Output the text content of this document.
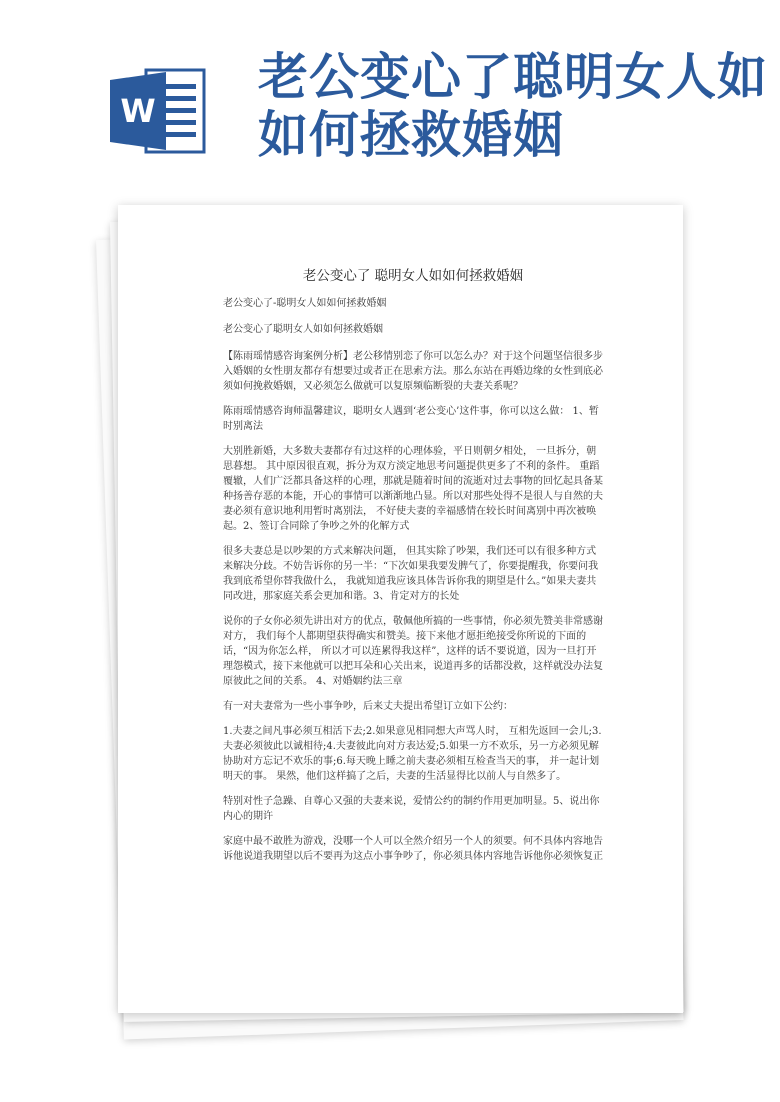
W
老公变心了聪明女人如如何拯救婚姻
老公变心了 聪明女人如如何拯救婚姻

老公变心了-聪明女人如如何拯救婚姻

老公变心了聪明女人如如何拯救婚姻

【陈雨瑶情感咨询案例分析】老公移情别恋了你可以怎么办？对于这个问题坚信很多步入婚姻的女性朋友都存有想要过或者正在思索方法。那么东站在再婚边缘的女性到底必须如何挽救婚姻，又必须怎么做就可以复原频临断裂的夫妻关系呢？

陈雨瑶情感咨询师温馨建议，聪明女人遇到‘老公变心’这件事，你可以这么做： 1、暂时别离法

大别胜新婚，大多数夫妻都存有过这样的心理体验，平日则朝夕相处， 一旦拆分，朝思暮想。 其中原因很直观，拆分为双方淡定地思考问题提供更多了不利的条件。 重蹈覆辙，人们广泛都具备这样的心理，那就是随着时间的流逝对过去事物的回忆起具备某种扬善存恶的本能，开心的事情可以渐渐地凸显。所以对那些处得不是很人与自然的夫妻必须有意识地利用暂时离别法， 不好使夫妻的幸福感情在较长时间离别中再次被唤起。2、签订合同除了争吵之外的化解方式

很多夫妻总是以吵架的方式来解决问题， 但其实除了吵架，我们还可以有很多种方式来解决分歧。不妨告诉你的另一半：“下次如果我要发脾气了，你要提醒我，你要问我我到底希望你替我做什么， 我就知道我应该具体告诉你我的期望是什么。”如果夫妻共同改进，那家庭关系会更加和谐。3、肯定对方的长处

说你的子女你必须先讲出对方的优点，敬佩他所搞的一些事情，你必须先赞美非常感谢对方， 我们每个人都期望获得确实和赞美。接下来他才愿拒绝接受你所说的下面的话，“因为你怎么样， 所以才可以连累得我这样”，这样的话不要说道，因为一旦打开理怨模式，接下来他就可以把耳朵和心关出来，说道再多的话都没救，这样就没办法复原彼此之间的关系。 4、对婚姻约法三章

有一对夫妻常为一些小事争吵，后来丈夫提出希望订立如下公约：

1.夫妻之间凡事必须互相活下去;2.如果意见相同想大声骂人时， 互相先返回一会儿;3.夫妻必须彼此以诚相待;4.夫妻彼此向对方表达爱;5.如果一方不欢乐，另一方必须见解协助对方忘记不欢乐的事;6.每天晚上睡之前夫妻必须相互检查当天的事， 并一起计划明天的事。 果然，他们这样搞了之后，夫妻的生活显得比以前人与自然多了。

特别对性子急躁、自尊心又强的夫妻来说，爱情公约的制约作用更加明显。5、说出你内心的期许

家庭中最不敢胜为游戏，没哪一个人可以全然介绍另一个人的须要。何不具体内容地告诉他说道我期望以后不要再为这点小事争吵了，你必须具体内容地告诉他你必须恢复正
